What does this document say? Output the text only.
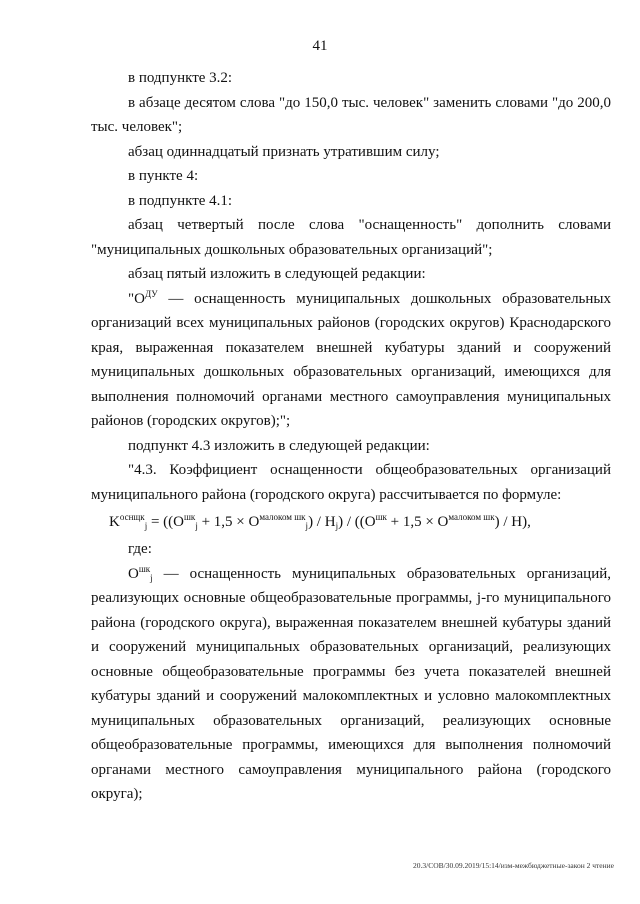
41

в подпункте 3.2:

в абзаце десятом слова "до 150,0 тыс. человек" заменить словами "до 200,0 тыс. человек";

абзац одиннадцатый признать утратившим силу;

в пункте 4:

в подпункте 4.1:

абзац четвертый после слова "оснащенность" дополнить словами "муниципальных дошкольных образовательных организаций";

абзац пятый изложить в следующей редакции:

"$О^{ДУ}$ — оснащенность муниципальных дошкольных образовательных организаций всех муниципальных районов (городских округов) Краснодарского края, выраженная показателем внешней кубатуры зданий и сооружений муниципальных дошкольных образовательных организаций, имеющихся для выполнения полномочий органами местного самоуправления муниципальных районов (городских округов);";

подпункт 4.3 изложить в следующей редакции:

"4.3. Коэффициент оснащенности общеобразовательных организаций муниципального района (городского округа) рассчитывается по формуле:

$K^{оснщк}_j = ((O^{шк}_j + 1,5 \times O^{малоком шк}_j) / H_j) / ((O^{шк} + 1,5 \times O^{малоком шк}) / H)$,

где:

$O^{шк}_j$ — оснащенность муниципальных образовательных организаций, реализующих основные общеобразовательные программы, j-го муниципального района (городского округа), выраженная показателем внешней кубатуры зданий и сооружений муниципальных образовательных организаций, реализующих основные общеобразовательные программы без учета показателей внешней кубатуры зданий и сооружений малокомплектных и условно малокомплектных муниципальных образовательных организаций, реализующих основные общеобразовательные программы, имеющихся для выполнения полномочий органами местного самоуправления муниципального района (городского округа);

20.3/СОВ/30.09.2019/15:14/изм-межбюджетные-закон 2 чтение
